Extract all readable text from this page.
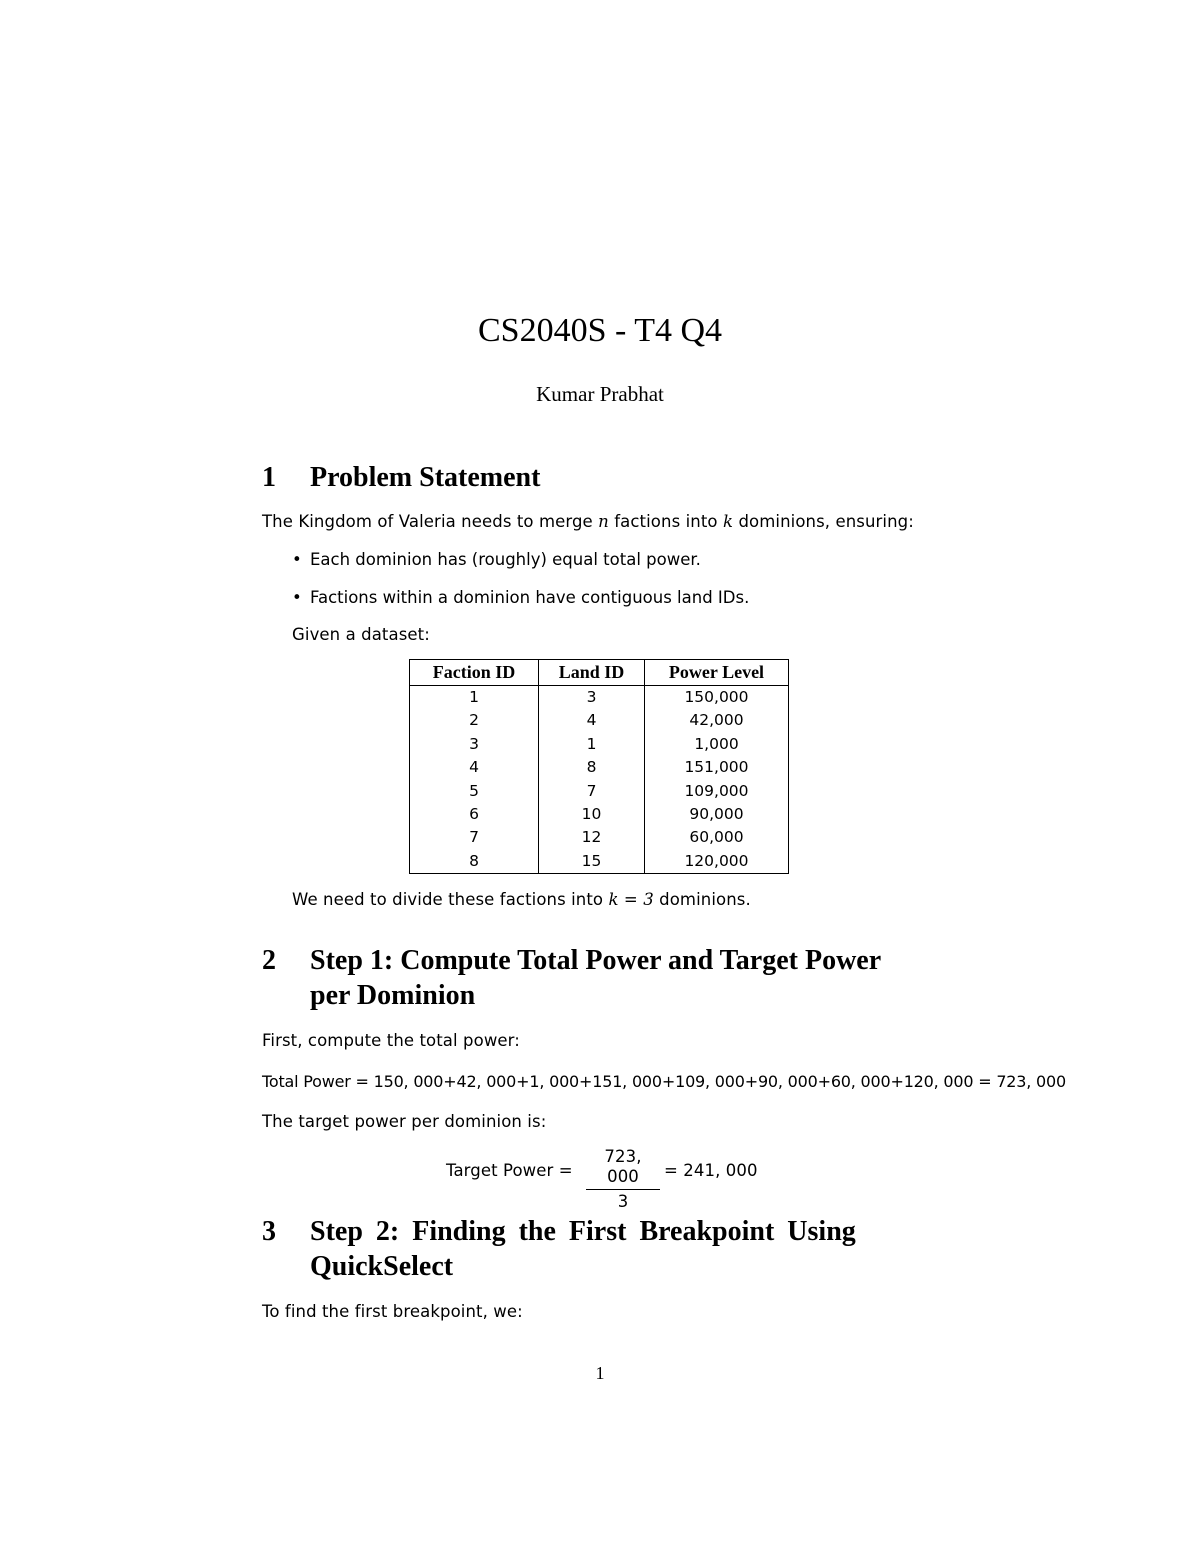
CS2040S - T4 Q4
Kumar Prabhat
1 Problem Statement
The Kingdom of Valeria needs to merge n factions into k dominions, ensuring:
• Each dominion has (roughly) equal total power.
• Factions within a dominion have contiguous land IDs.
Given a dataset:
Faction ID	Land ID	Power Level
1	3	150,000
2	4	42,000
3	1	1,000
4	8	151,000
5	7	109,000
6	10	90,000
7	12	60,000
8	15	120,000
We need to divide these factions into k = 3 dominions.
2 Step 1: Compute Total Power and Target Power
per Dominion
First, compute the total power:
Total Power = 150, 000+42, 000+1, 000+151, 000+109, 000+90, 000+60, 000+120, 000 = 723, 000
The target power per dominion is:
Target Power =
723, 000
3
= 241, 000
3 Step 2: Finding the First Breakpoint Using
QuickSelect
To find the first breakpoint, we:
1
